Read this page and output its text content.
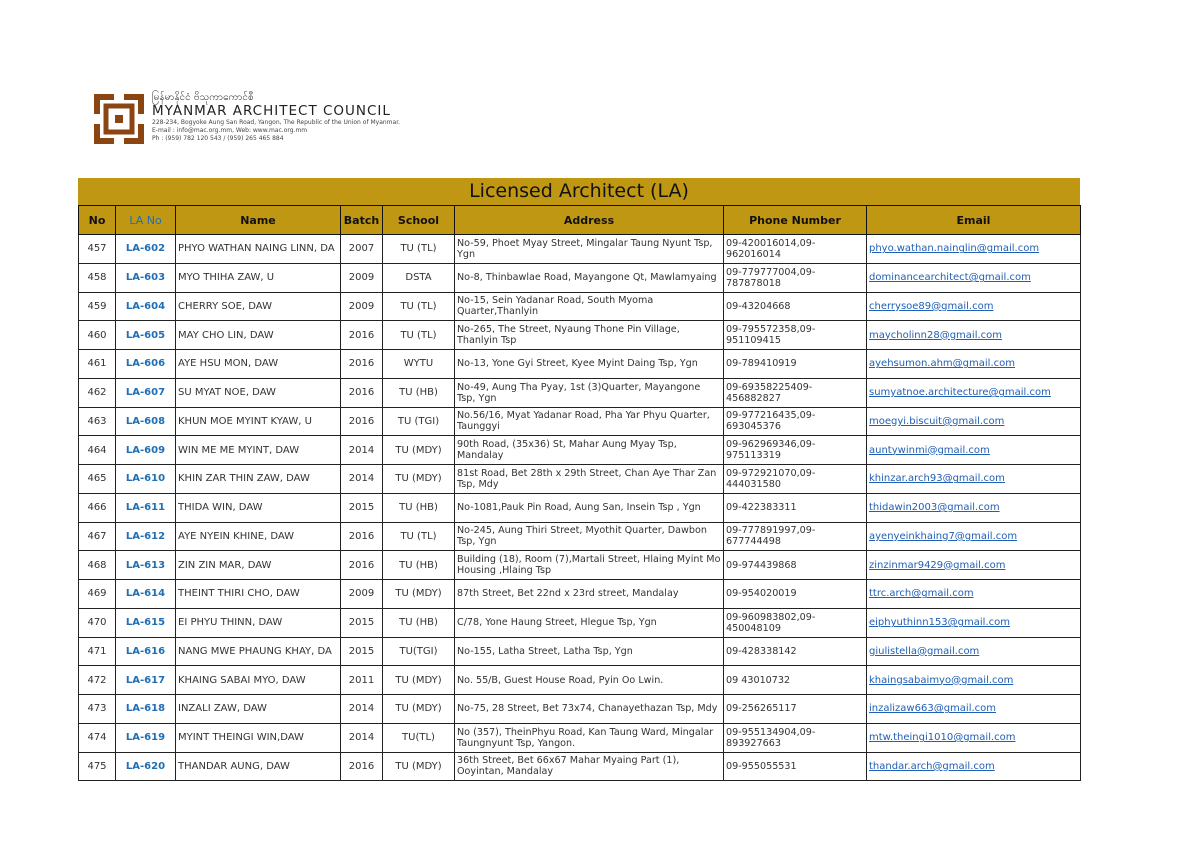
မြန်မာနိုင်ငံ ဗိသုကာကောင်စီ
MYANMAR ARCHITECT COUNCIL
228-234, Bogyoke Aung San Road, Yangon, The Republic of the Union of Myanmar.
E-mail : info@mac.org.mm, Web: www.mac.org.mm
Ph : (959) 782 120 543 / (959) 265 465 884
Licensed Architect (LA)
No	LA No	Name	Batch	School	Address	Phone Number	Email
457	LA-602	PHYO WATHAN NAING LINN, DA	2007	TU (TL)	No-59, Phoet Myay Street, Mingalar Taung Nyunt Tsp, Ygn	09-420016014,09-962016014	phyo.wathan.nainglin@gmail.com
458	LA-603	MYO THIHA ZAW, U	2009	DSTA	No-8, Thinbawlae Road, Mayangone Qt, Mawlamyaing	09-779777004,09-787878018	dominancearchitect@gmail.com
459	LA-604	CHERRY SOE, DAW	2009	TU (TL)	No-15, Sein Yadanar Road, South Myoma Quarter,Thanlyin	09-43204668	cherrysoe89@gmail.com
460	LA-605	MAY CHO LIN, DAW	2016	TU (TL)	No-265, The Street, Nyaung Thone Pin Village, Thanlyin Tsp	09-795572358,09-951109415	maycholinn28@gmail.com
461	LA-606	AYE HSU MON, DAW	2016	WYTU	No-13, Yone Gyi Street, Kyee Myint Daing Tsp, Ygn	09-789410919	ayehsumon.ahm@gmail.com
462	LA-607	SU MYAT NOE, DAW	2016	TU (HB)	No-49, Aung Tha Pyay, 1st (3)Quarter, Mayangone Tsp, Ygn	09-69358225409-456882827	sumyatnoe.architecture@gmail.com
463	LA-608	KHUN MOE MYINT KYAW, U	2016	TU (TGI)	No.56/16, Myat Yadanar Road, Pha Yar Phyu Quarter, Taunggyi	09-977216435,09-693045376	moegyi.biscuit@gmail.com
464	LA-609	WIN ME ME MYINT, DAW	2014	TU (MDY)	90th Road, (35x36) St, Mahar Aung Myay Tsp, Mandalay	09-962969346,09-975113319	auntywinmi@gmail.com
465	LA-610	KHIN ZAR THIN ZAW, DAW	2014	TU (MDY)	81st Road, Bet 28th x 29th Street, Chan Aye Thar Zan Tsp, Mdy	09-972921070,09-444031580	khinzar.arch93@gmail.com
466	LA-611	THIDA WIN, DAW	2015	TU (HB)	No-1081,Pauk Pin Road, Aung San, Insein Tsp , Ygn	09-422383311	thidawin2003@gmail.com
467	LA-612	AYE NYEIN KHINE, DAW	2016	TU (TL)	No-245, Aung Thiri Street, Myothit Quarter, Dawbon Tsp, Ygn	09-777891997,09-677744498	ayenyeinkhaing7@gmail.com
468	LA-613	ZIN ZIN MAR, DAW	2016	TU (HB)	Building (18), Room (7),Martali Street, Hlaing Myint Mo Housing ,Hlaing Tsp	09-974439868	zinzinmar9429@gmail.com
469	LA-614	THEINT THIRI CHO, DAW	2009	TU (MDY)	87th Street, Bet 22nd x 23rd street, Mandalay	09-954020019	ttrc.arch@gmail.com
470	LA-615	EI PHYU THINN, DAW	2015	TU (HB)	C/78, Yone Haung Street, Hlegue Tsp, Ygn	09-960983802,09-450048109	eiphyuthinn153@gmail.com
471	LA-616	NANG MWE PHAUNG KHAY, DA	2015	TU(TGI)	No-155, Latha Street, Latha Tsp, Ygn	09-428338142	giulistella@gmail.com
472	LA-617	KHAING SABAI MYO, DAW	2011	TU (MDY)	No. 55/B, Guest House Road, Pyin Oo Lwin.	09 43010732	khaingsabaimyo@gmail.com
473	LA-618	INZALI ZAW, DAW	2014	TU (MDY)	No-75, 28 Street, Bet 73x74, Chanayethazan Tsp, Mdy	09-256265117	inzalizaw663@gmail.com
474	LA-619	MYINT THEINGI WIN,DAW	2014	TU(TL)	No (357), TheinPhyu Road, Kan Taung Ward, Mingalar Taungnyunt Tsp, Yangon.	09-955134904,09-893927663	mtw.theingi1010@gmail.com
475	LA-620	THANDAR AUNG, DAW	2016	TU (MDY)	36th Street, Bet 66x67 Mahar Myaing Part (1), Ooyintan, Mandalay	09-955055531	thandar.arch@gmail.com
